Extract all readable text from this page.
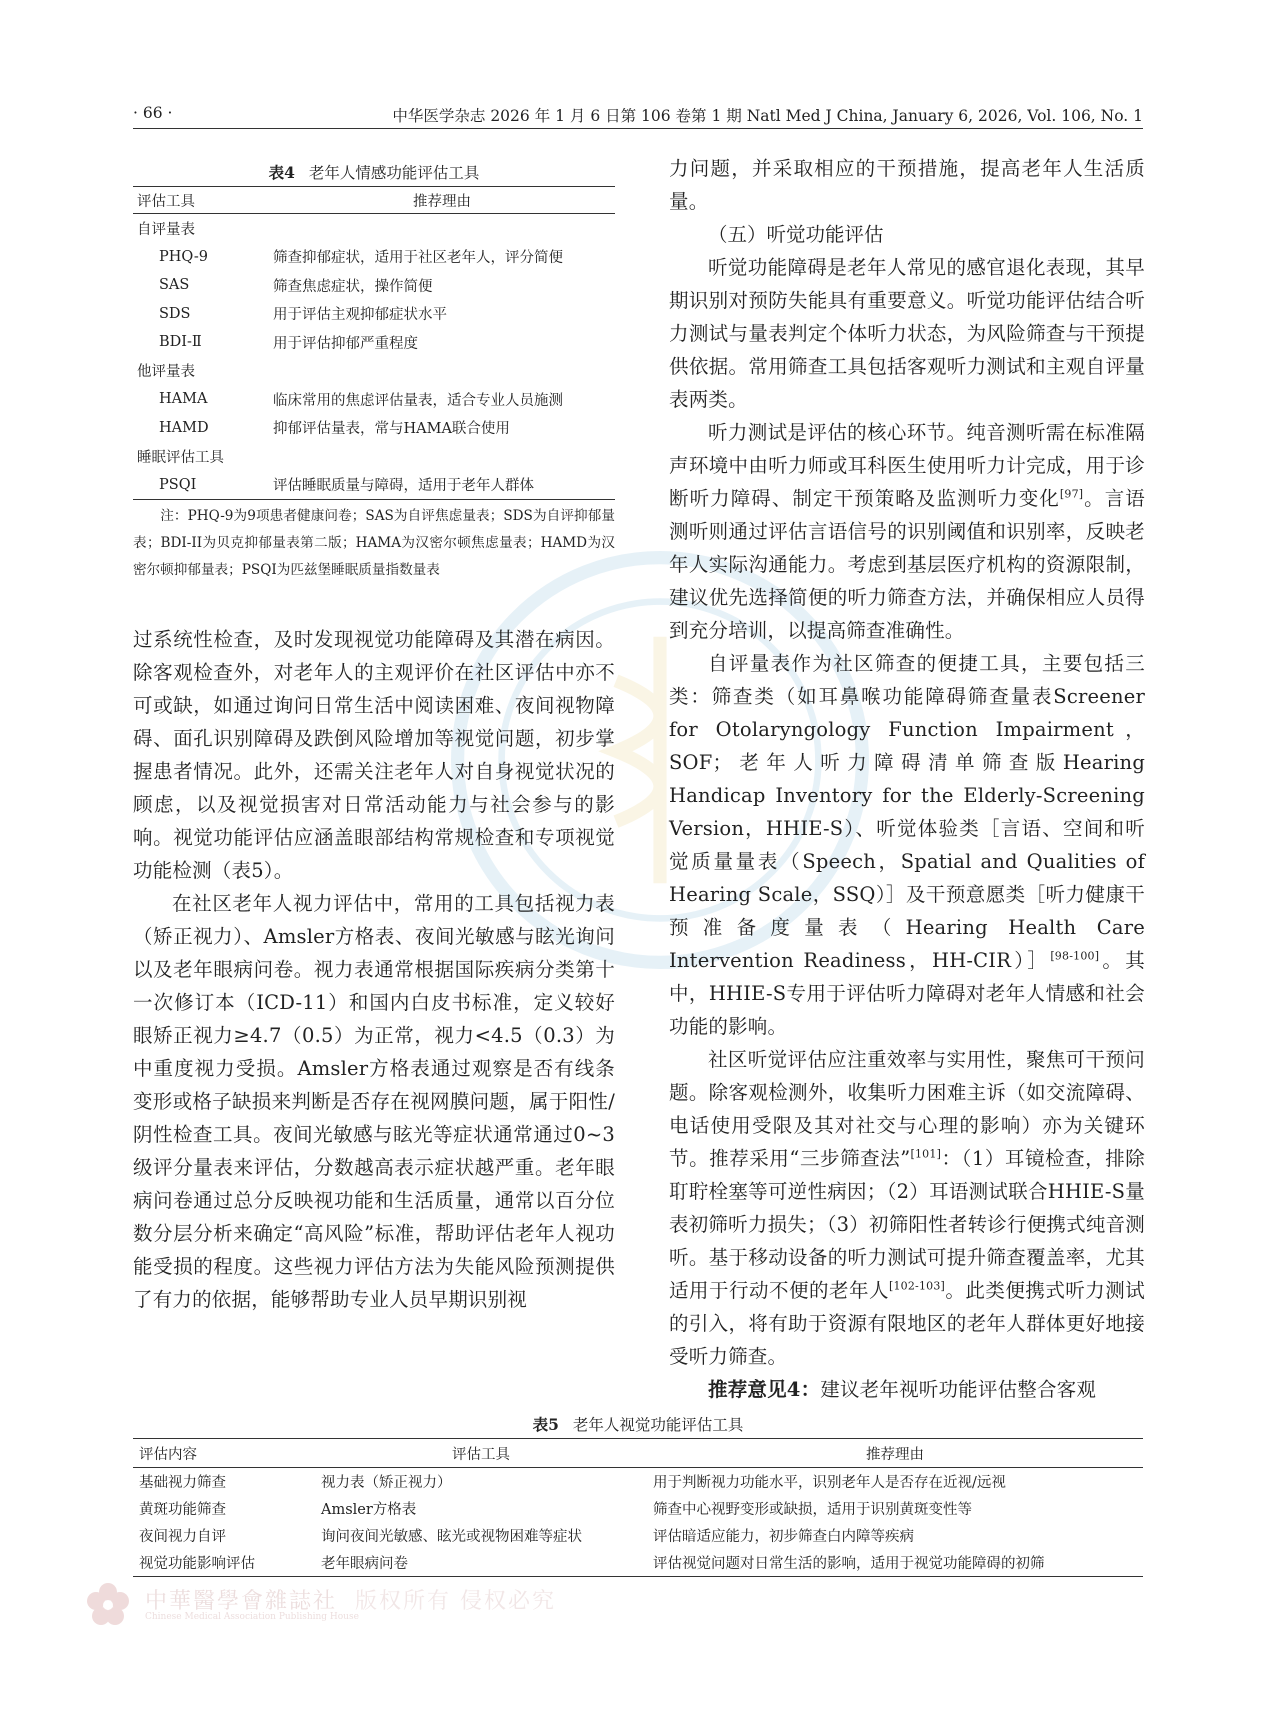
· 66 ·	中华医学杂志 2026 年 1 月 6 日第 106 卷第 1 期 Natl Med J China, January 6, 2026, Vol. 106, No. 1
表4 老年人情感功能评估工具
评估工具	推荐理由
自评量表	
PHQ-9	筛查抑郁症状，适用于社区老年人，评分简便
SAS	筛查焦虑症状，操作简便
SDS	用于评估主观抑郁症状水平
BDI-Ⅱ	用于评估抑郁严重程度
他评量表	
HAMA	临床常用的焦虑评估量表，适合专业人员施测
HAMD	抑郁评估量表，常与HAMA联合使用
睡眠评估工具	
PSQI	评估睡眠质量与障碍，适用于老年人群体
注：PHQ-9为9项患者健康问卷；SAS为自评焦虑量表；SDS为自评抑郁量表；BDI-II为贝克抑郁量表第二版；HAMA为汉密尔顿焦虑量表；HAMD为汉密尔顿抑郁量表；PSQI为匹兹堡睡眠质量指数量表

过系统性检查，及时发现视觉功能障碍及其潜在病因。除客观检查外，对老年人的主观评价在社区评估中亦不可或缺，如通过询问日常生活中阅读困难、夜间视物障碍、面孔识别障碍及跌倒风险增加等视觉问题，初步掌握患者情况。此外，还需关注老年人对自身视觉状况的顾虑，以及视觉损害对日常活动能力与社会参与的影响。视觉功能评估应涵盖眼部结构常规检查和专项视觉功能检测（表5）。

在社区老年人视力评估中，常用的工具包括视力表（矫正视力）、Amsler方格表、夜间光敏感与眩光询问以及老年眼病问卷。视力表通常根据国际疾病分类第十一次修订本（ICD-11）和国内白皮书标准，定义较好眼矫正视力≥4.7（0.5）为正常，视力<4.5（0.3）为中重度视力受损。Amsler方格表通过观察是否有线条变形或格子缺损来判断是否存在视网膜问题，属于阳性/阴性检查工具。夜间光敏感与眩光等症状通常通过0~3级评分量表来评估，分数越高表示症状越严重。老年眼病问卷通过总分反映视功能和生活质量，通常以百分位数分层分析来确定“高风险”标准，帮助评估老年人视功能受损的程度。这些视力评估方法为失能风险预测提供了有力的依据，能够帮助专业人员早期识别视

力问题，并采取相应的干预措施，提高老年人生活质量。

（五）听觉功能评估

听觉功能障碍是老年人常见的感官退化表现，其早期识别对预防失能具有重要意义。听觉功能评估结合听力测试与量表判定个体听力状态，为风险筛查与干预提供依据。常用筛查工具包括客观听力测试和主观自评量表两类。

听力测试是评估的核心环节。纯音测听需在标准隔声环境中由听力师或耳科医生使用听力计完成，用于诊断听力障碍、制定干预策略及监测听力变化[97]。言语测听则通过评估言语信号的识别阈值和识别率，反映老年人实际沟通能力。考虑到基层医疗机构的资源限制，建议优先选择简便的听力筛查方法，并确保相应人员得到充分培训，以提高筛查准确性。

自评量表作为社区筛查的便捷工具，主要包括三类：筛查类（如耳鼻喉功能障碍筛查量表Screener for Otolaryngology Function Impairment，SOF；老年人听力障碍清单筛查版Hearing Handicap Inventory for the Elderly-Screening Version，HHIE-S）、听觉体验类［言语、空间和听觉质量量表（Speech，Spatial and Qualities of Hearing Scale，SSQ）］及干预意愿类［听力健康干预准备度量表（Hearing Health Care Intervention Readiness，HH-CIR）］[98-100]。其中，HHIE-S专用于评估听力障碍对老年人情感和社会功能的影响。

社区听觉评估应注重效率与实用性，聚焦可干预问题。除客观检测外，收集听力困难主诉（如交流障碍、电话使用受限及其对社交与心理的影响）亦为关键环节。推荐采用“三步筛查法”[101]：（1）耳镜检查，排除耵聍栓塞等可逆性病因；（2）耳语测试联合HHIE-S量表初筛听力损失；（3）初筛阳性者转诊行便携式纯音测听。基于移动设备的听力测试可提升筛查覆盖率，尤其适用于行动不便的老年人[102-103]。此类便携式听力测试的引入，将有助于资源有限地区的老年人群体更好地接受听力筛查。

推荐意见4：建议老年视听功能评估整合客观

表5 老年人视觉功能评估工具
评估内容	评估工具	推荐理由
基础视力筛查	视力表（矫正视力）	用于判断视力功能水平，识别老年人是否存在近视/远视
黄斑功能筛查	Amsler方格表	筛查中心视野变形或缺损，适用于识别黄斑变性等
夜间视力自评	询问夜间光敏感、眩光或视物困难等症状	评估暗适应能力，初步筛查白内障等疾病
视觉功能影响评估	老年眼病问卷	评估视觉问题对日常生活的影响，适用于视觉功能障碍的初筛
中華醫學會雜誌社
Chinese Medical Association Publishing House
版权所有 侵权必究
